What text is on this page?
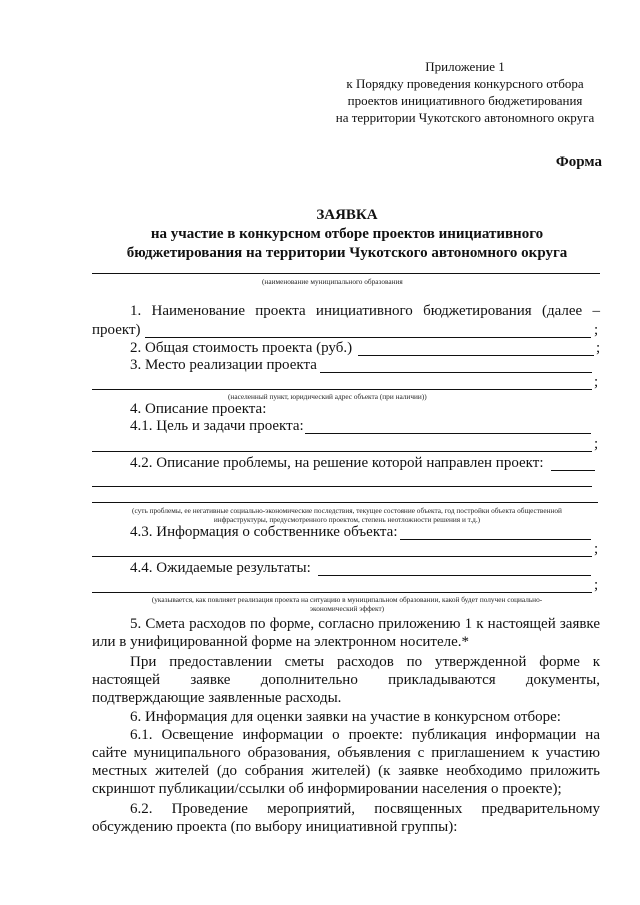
Приложение 1
к Порядку проведения конкурсного отбора
проектов инициативного бюджетирования
на территории Чукотского автономного округа
Форма
ЗАЯВКА
на участие в конкурсном отборе проектов инициативного
бюджетирования на территории Чукотского автономного округа
(наименование муниципального образования
1. Наименование проекта инициативного бюджетирования (далее –
проект)	;
2. Общая стоимость проекта (руб.)	;
3. Место реализации проекта
;
(населенный пункт, юридический адрес объекта (при наличии))
4. Описание проекта:
4.1. Цель и задачи проекта:
;
4.2. Описание проблемы, на решение которой направлен проект:
(суть проблемы, ее негативные социально-экономические последствия, текущее состояние объекта, год постройки объекта общественной
инфраструктуры, предусмотренного проектом, степень неотложности решения и т.д.)
4.3. Информация о собственнике объекта:
;
4.4. Ожидаемые результаты:
;
(указывается, как повлияет реализация проекта на ситуацию в муниципальном образовании, какой будет получен социально-
экономический эффект)
5. Смета расходов по форме, согласно приложению 1 к настоящей заявке
или в унифицированной форме на электронном носителе.*
При предоставлении сметы расходов по утвержденной форме к
настоящей заявке дополнительно прикладываются документы,
подтверждающие заявленные расходы.
6. Информация для оценки заявки на участие в конкурсном отборе:
6.1. Освещение информации о проекте: публикация информации на
сайте муниципального образования, объявления с приглашением к участию
местных жителей (до собрания жителей) (к заявке необходимо приложить
скриншот публикации/ссылки об информировании населения о проекте);
6.2. Проведение мероприятий, посвященных предварительному
обсуждению проекта (по выбору инициативной группы):
